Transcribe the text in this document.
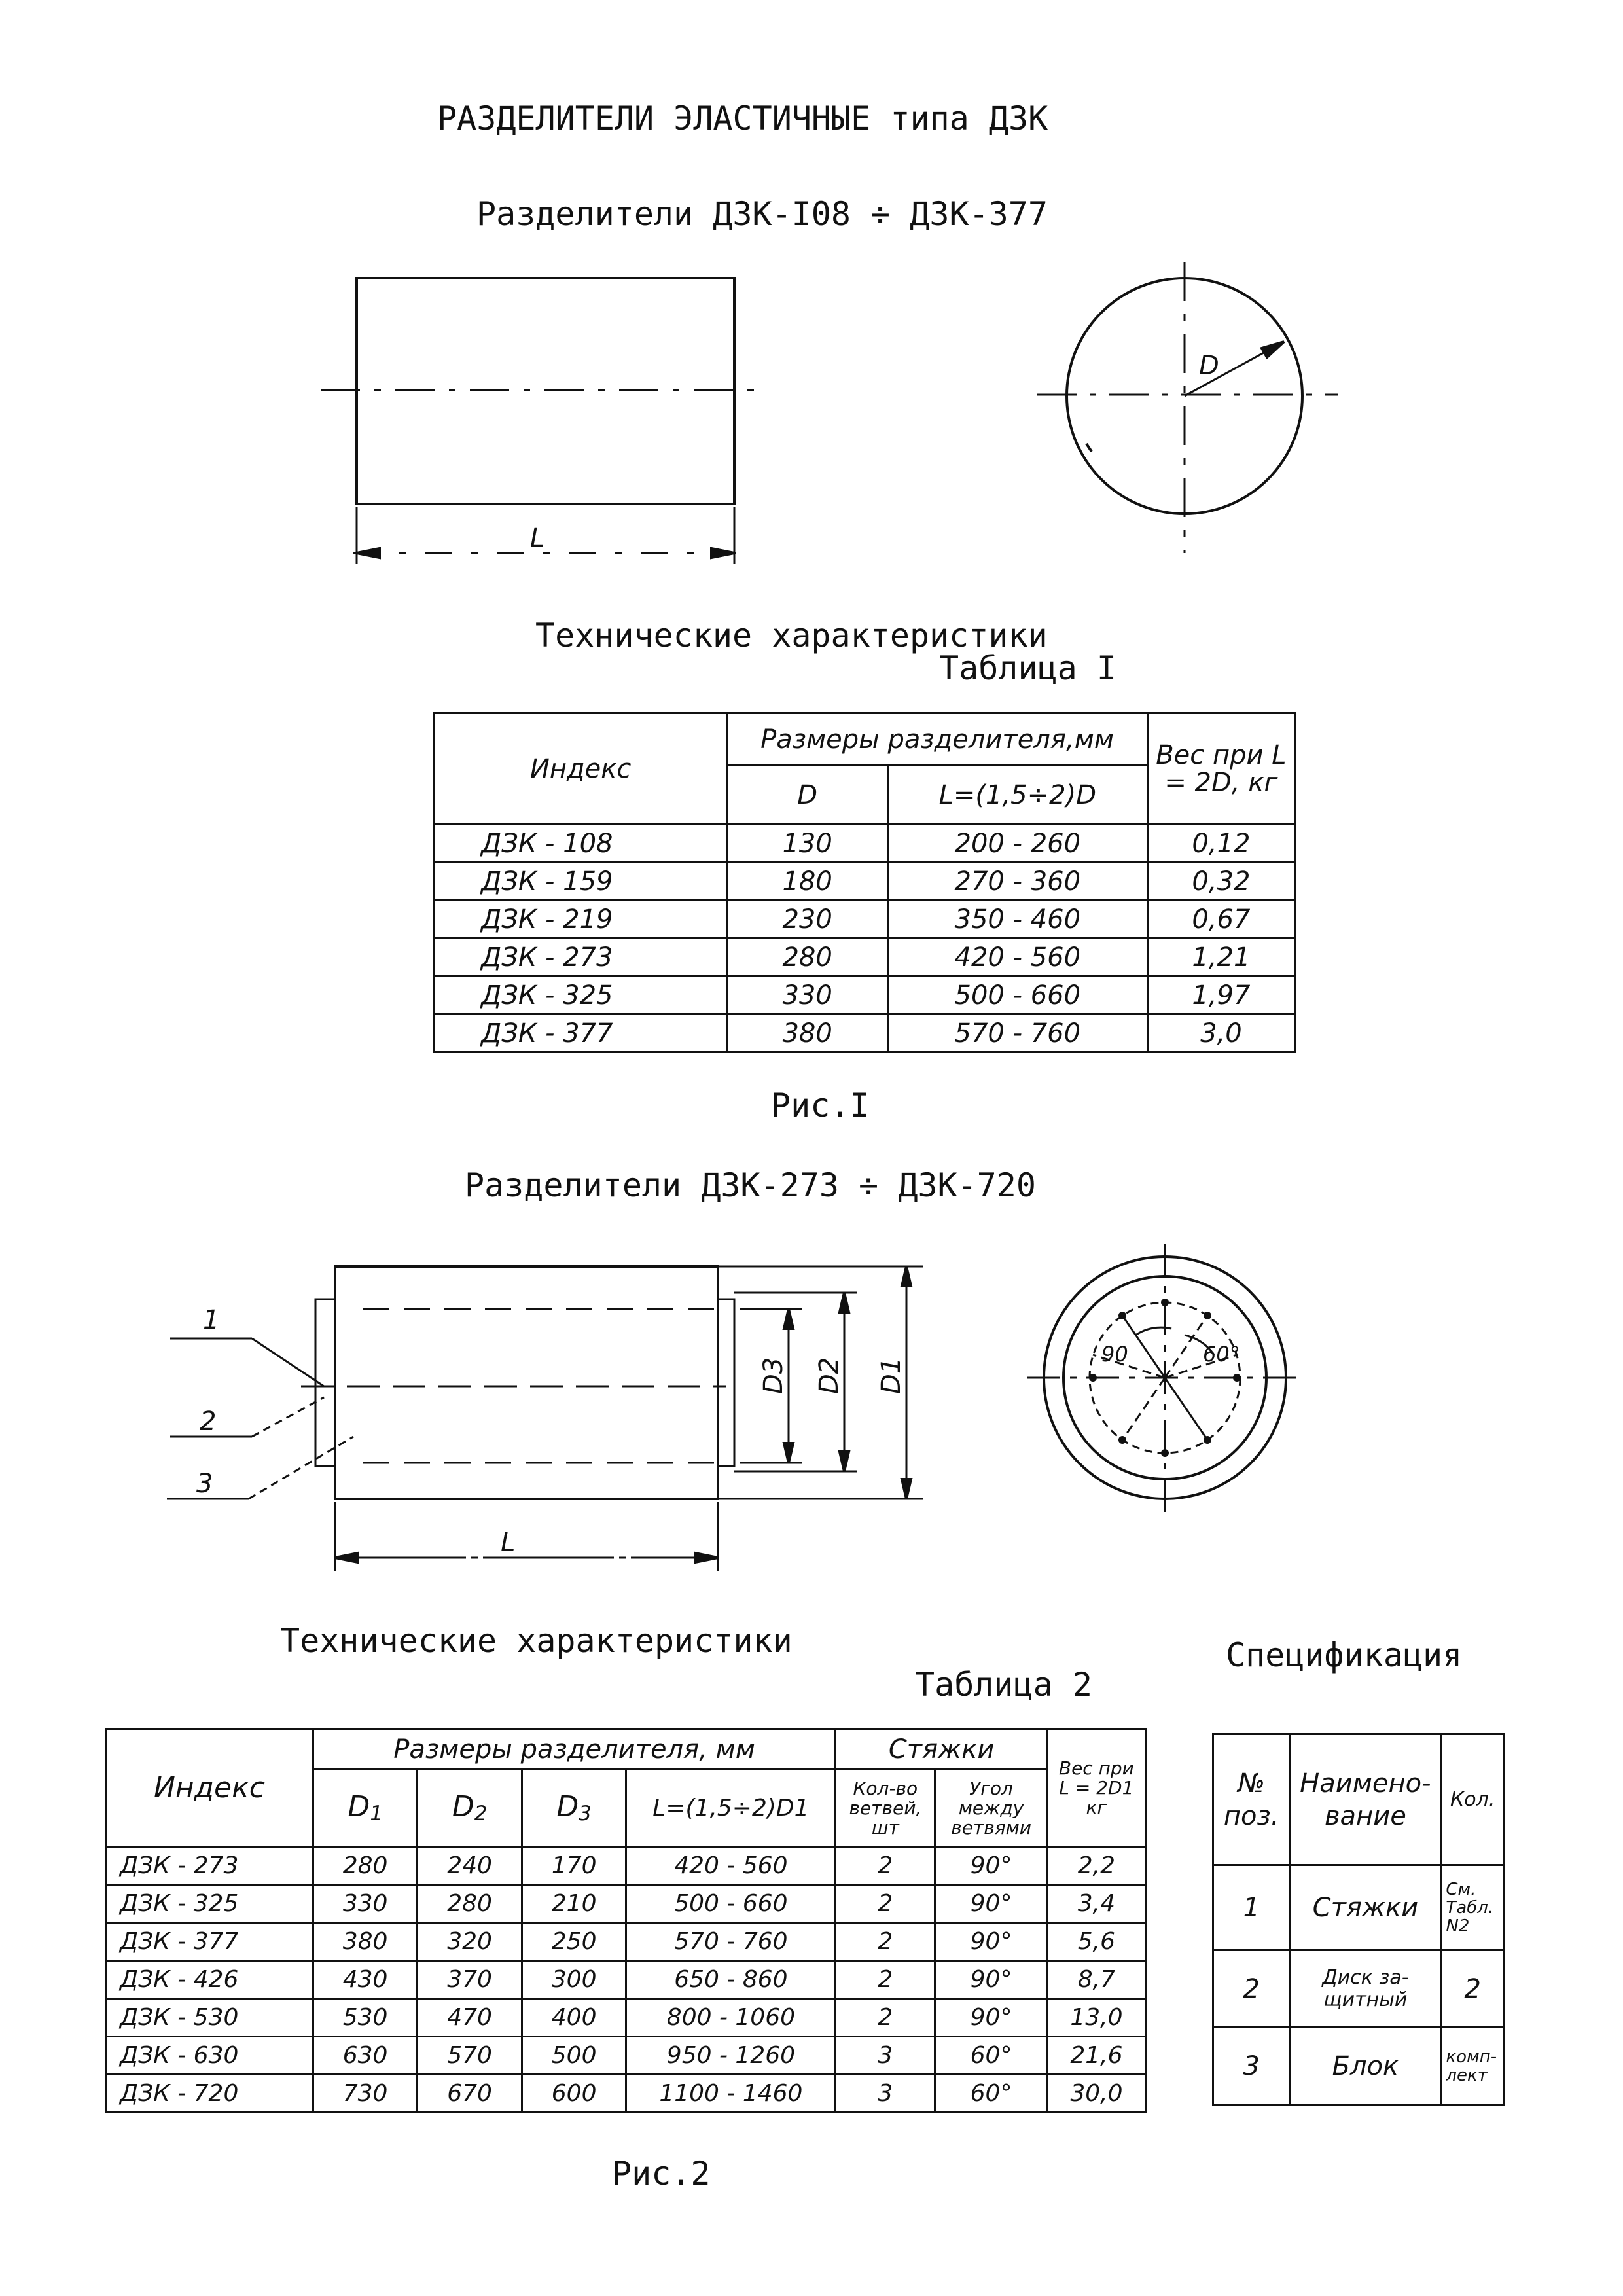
РАЗДЕЛИТЕЛИ ЭЛАСТИЧНЫЕ типа ДЗК
Разделители ДЗК-I08 ÷ ДЗК-377
L
D
Технические характеристики
Таблица I
Индекс	Размеры разделителя,мм		Вес при L = 2D, кг
	D	L=(1,5÷2)D	
ДЗК - 108	130	200 - 260	0,12
ДЗК - 159	180	270 - 360	0,32
ДЗК - 219	230	350 - 460	0,67
ДЗК - 273	280	420 - 560	1,21
ДЗК - 325	330	500 - 660	1,97
ДЗК - 377	380	570 - 760	3,0
Рис.I
Разделители ДЗК-273 ÷ ДЗК-720
1
2
3
L
D3 D2 D1
90	60°
Технические характеристики
Таблица 2
Спецификация
Индекс	Размеры разделителя, мм				Стяжки		Вес при L = 2D1 кг
	$D_1$	$D_2$	$D_3$	L=(1,5÷2)D1	Кол-во ветвей, шт	Угол между ветвями	
ДЗК - 273	280	240	170	420 - 560	2	90°	2,2
ДЗК - 325	330	280	210	500 - 660	2	90°	3,4
ДЗК - 377	380	320	250	570 - 760	2	90°	5,6
ДЗК - 426	430	370	300	650 - 860	2	90°	8,7
ДЗК - 530	530	470	400	800 - 1060	2	90°	13,0
ДЗК - 630	630	570	500	950 - 1260	3	60°	21,6
ДЗК - 720	730	670	600	1100 - 1460	3	60°	30,0
№ поз.	Наимено-вание	Кол.
1	Стяжки	См. Табл. N2
2	Диск за-щитный	2
3	Блок	комп-лект
Рис.2
